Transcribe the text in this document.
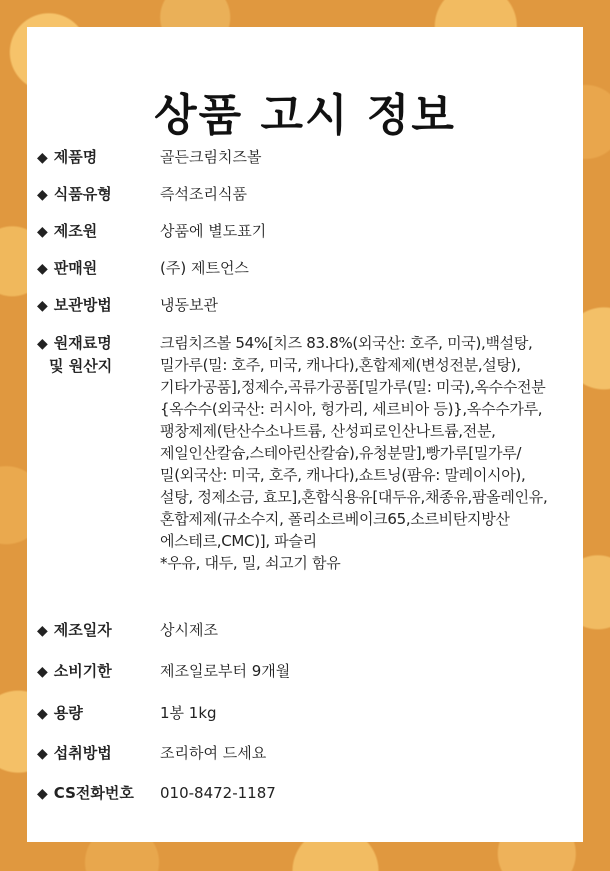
상품 고시 정보
◆ 제품명	골든크림치즈볼
◆ 식품유형	즉석조리식품
◆ 제조원	상품에 별도표기
◆ 판매원	(주) 제트언스
◆ 보관방법	냉동보관
◆ 원재료명
및 원산지
크림치즈볼 54%[치즈 83.8%(외국산: 호주, 미국),백설탕,
밀가루(밀: 호주, 미국, 캐나다),혼합제제(변성전분,설탕),
기타가공품],정제수,곡류가공품[밀가루(밀: 미국),옥수수전분
{옥수수(외국산: 러시아, 헝가리, 세르비아 등)},옥수수가루,
팽창제제(탄산수소나트륨, 산성피로인산나트륨,전분,
제일인산칼슘,스테아린산칼슘),유청분말],빵가루[밀가루/
밀(외국산: 미국, 호주, 캐나다),쇼트닝(팜유: 말레이시아),
설탕, 정제소금, 효모],혼합식용유[대두유,채종유,팜올레인유,
혼합제제(규소수지, 폴리소르베이크65,소르비탄지방산
에스테르,CMC)], 파슬리
*우유, 대두, 밀, 쇠고기 함유
◆ 제조일자	상시제조
◆ 소비기한	제조일로부터 9개월
◆ 용량	1봉 1kg
◆ 섭취방법	조리하여 드세요
◆ CS전화번호	010-8472-1187
